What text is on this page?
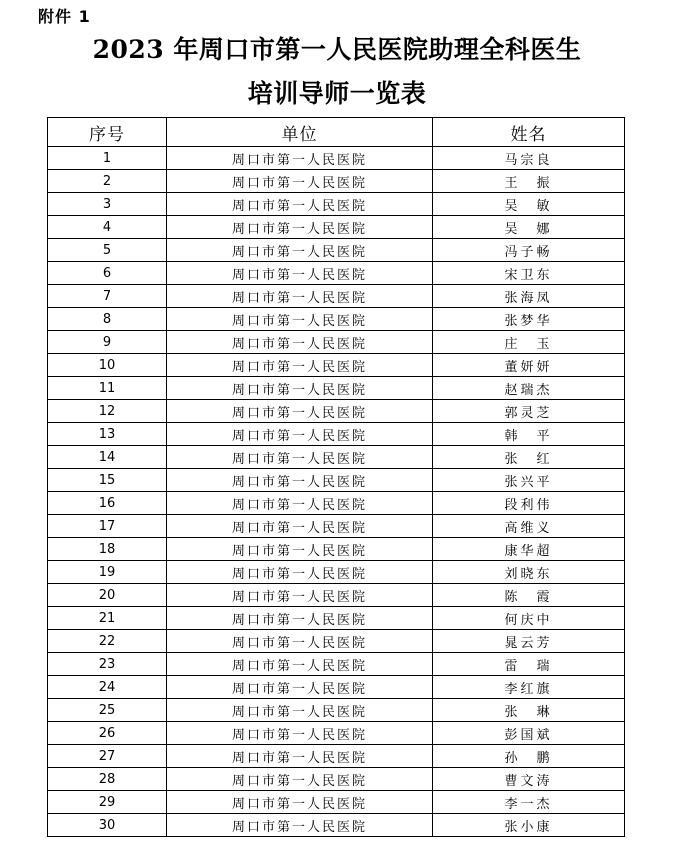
附件 1
2023 年周口市第一人民医院助理全科医生
培训导师一览表
序号	单位	姓名
1	周口市第一人民医院	马宗良
2	周口市第一人民医院	王　振
3	周口市第一人民医院	吴　敏
4	周口市第一人民医院	吴　娜
5	周口市第一人民医院	冯子畅
6	周口市第一人民医院	宋卫东
7	周口市第一人民医院	张海凤
8	周口市第一人民医院	张梦华
9	周口市第一人民医院	庄　玉
10	周口市第一人民医院	董妍妍
11	周口市第一人民医院	赵瑞杰
12	周口市第一人民医院	郭灵芝
13	周口市第一人民医院	韩　平
14	周口市第一人民医院	张　红
15	周口市第一人民医院	张兴平
16	周口市第一人民医院	段利伟
17	周口市第一人民医院	高维义
18	周口市第一人民医院	康华超
19	周口市第一人民医院	刘晓东
20	周口市第一人民医院	陈　霞
21	周口市第一人民医院	何庆中
22	周口市第一人民医院	晁云芳
23	周口市第一人民医院	雷　瑞
24	周口市第一人民医院	李红旗
25	周口市第一人民医院	张　琳
26	周口市第一人民医院	彭国斌
27	周口市第一人民医院	孙　鹏
28	周口市第一人民医院	曹文涛
29	周口市第一人民医院	李一杰
30	周口市第一人民医院	张小康
